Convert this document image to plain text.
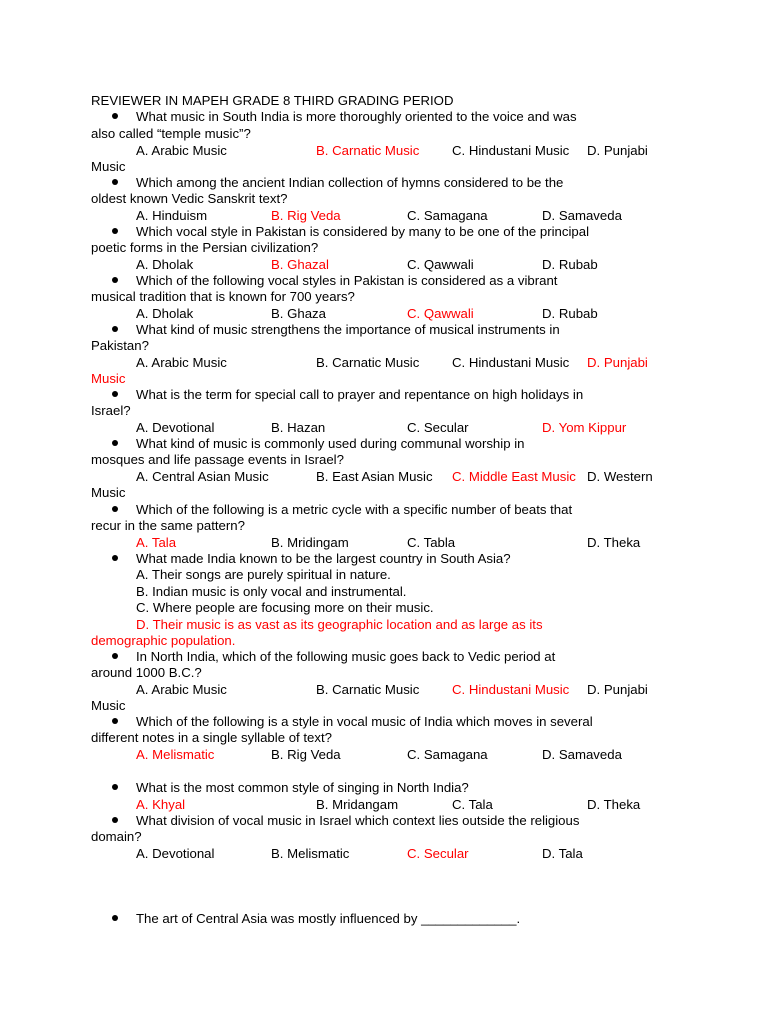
REVIEWER IN MAPEH GRADE 8 THIRD GRADING PERIOD
What music in South India is more thoroughly oriented to the voice and was
also called “temple music”?
A. Arabic Music	B. Carnatic Music C. Hindustani Music D. Punjabi
Music
Which among the ancient Indian collection of hymns considered to be the
oldest known Vedic Sanskrit text?
A. Hinduism	B. Rig Veda	C. Samagana	D. Samaveda
Which vocal style in Pakistan is considered by many to be one of the principal
poetic forms in the Persian civilization?
A. Dholak	B. Ghazal	C. Qawwali	D. Rubab
Which of the following vocal styles in Pakistan is considered as a vibrant
musical tradition that is known for 700 years?
A. Dholak	B. Ghaza	C. Qawwali	D. Rubab
What kind of music strengthens the importance of musical instruments in
Pakistan?
A. Arabic Music	B. Carnatic Music C. Hindustani Music D. Punjabi
Music
What is the term for special call to prayer and repentance on high holidays in
Israel?
A. Devotional	B. Hazan	C. Secular	D. Yom Kippur
What kind of music is commonly used during communal worship in
mosques and life passage events in Israel?
A. Central Asian Music	B. East Asian Music C. Middle East Music D. Western
Music
Which of the following is a metric cycle with a specific number of beats that
recur in the same pattern?
A. Tala	B. Mridingam	C. Tabla	D. Theka
What made India known to be the largest country in South Asia?
A. Their songs are purely spiritual in nature.
B. Indian music is only vocal and instrumental.
C. Where people are focusing more on their music.
D. Their music is as vast as its geographic location and as large as its
demographic population.
In North India, which of the following music goes back to Vedic period at
around 1000 B.C.?
A. Arabic Music	B. Carnatic Music C. Hindustani Music D. Punjabi
Music
Which of the following is a style in vocal music of India which moves in several
different notes in a single syllable of text?
A. Melismatic	B. Rig Veda	C. Samagana	D. Samaveda
What is the most common style of singing in North India?
A. Khyal	B. Mridangam	C. Tala	D. Theka
What division of vocal music in Israel which context lies outside the religious
domain?
A. Devotional	B. Melismatic	C. Secular	D. Tala
The art of Central Asia was mostly influenced by _____________.
